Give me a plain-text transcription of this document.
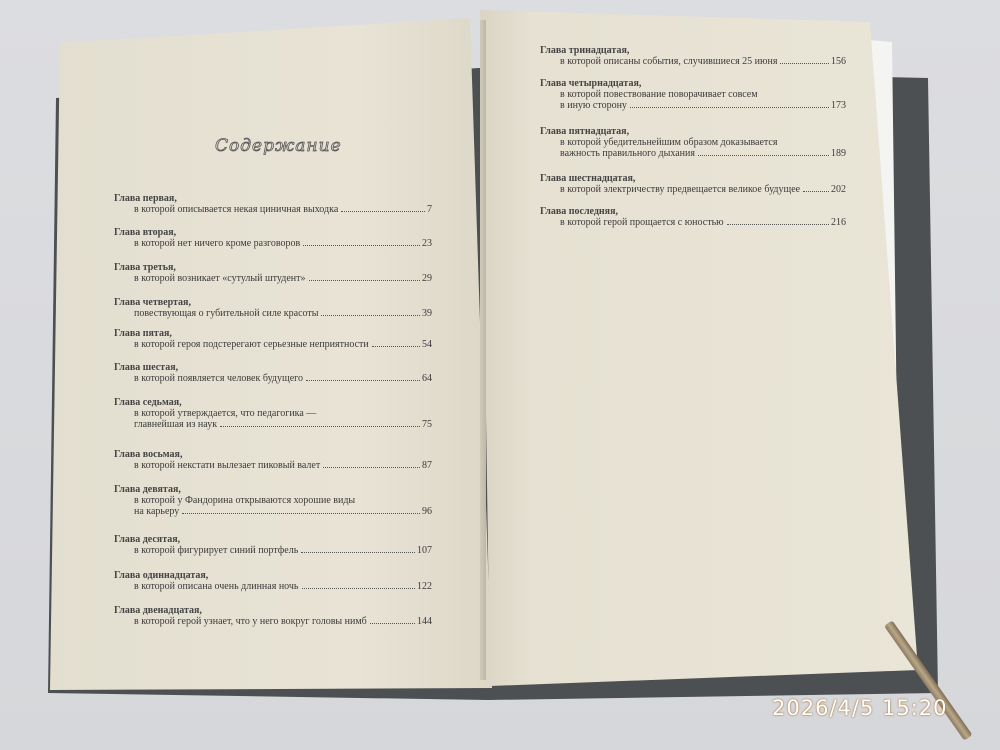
Содержание
Глава первая,
в которой описывается некая циничная выходка	7
Глава вторая,
в которой нет ничего кроме разговоров	23
Глава третья,
в которой возникает «сутулый штудент»	29
Глава четвертая,
повествующая о губительной силе красоты	39
Глава пятая,
в которой героя подстерегают серьезные неприятности	54
Глава шестая,
в которой появляется человек будущего	64
Глава седьмая,
в которой утверждается, что педагогика —
главнейшая из наук	75
Глава восьмая,
в которой некстати вылезает пиковый валет	87
Глава девятая,
в которой у Фандорина открываются хорошие виды
на карьеру	96
Глава десятая,
в которой фигурирует синий портфель	107
Глава одиннадцатая,
в которой описана очень длинная ночь	122
Глава двенадцатая,
в которой герой узнает, что у него вокруг головы нимб	144
Глава тринадцатая,
в которой описаны события, случившиеся 25 июня	156
Глава четырнадцатая,
в которой повествование поворачивает совсем
в иную сторону	173
Глава пятнадцатая,
в которой убедительнейшим образом доказывается
важность правильного дыхания	189
Глава шестнадцатая,
в которой электричеству предвещается великое будущее	202
Глава последняя,
в которой герой прощается с юностью	216
2026/4/5 15:20
